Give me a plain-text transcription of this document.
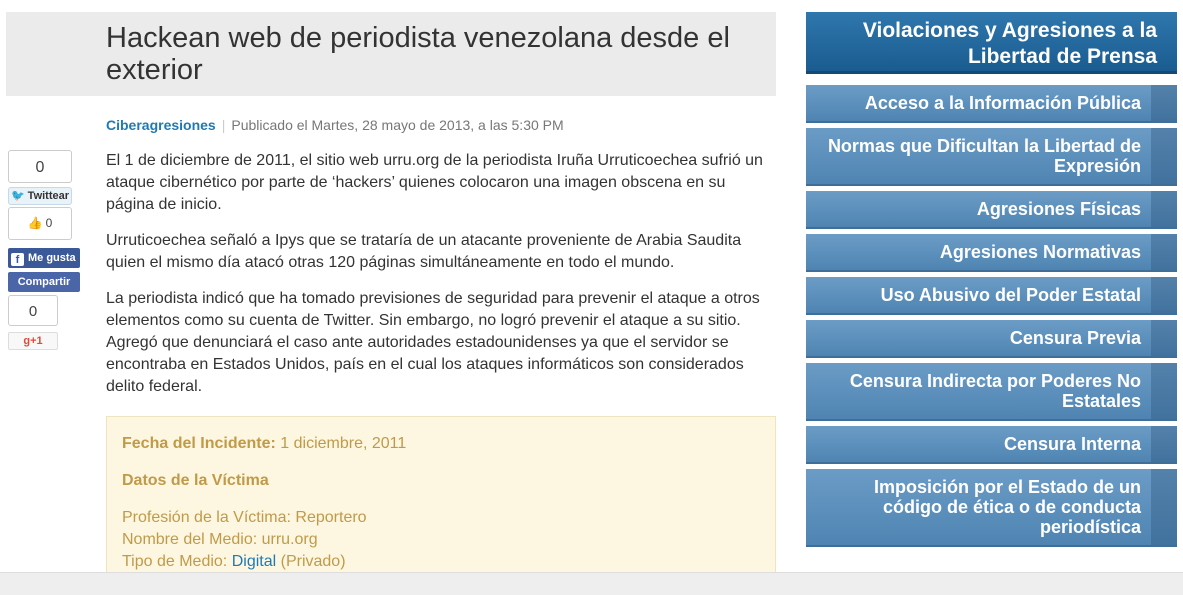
Hackean web de periodista venezolana desde el exterior
Ciberagresiones | Publicado el Martes, 28 mayo de 2013, a las 5:30 PM
0
🐦 Twittear
👍 0
f Me gusta
Compartir
0
g+1

El 1 de diciembre de 2011, el sitio web urru.org de la periodista Iruña Urruticoechea sufrió un ataque cibernético por parte de ‘hackers’ quienes colocaron una imagen obscena en su página de inicio.

Urruticoechea señaló a Ipys que se trataría de un atacante proveniente de Arabia Saudita quien el mismo día atacó otras 120 páginas simultáneamente en todo el mundo.

La periodista indicó que ha tomado previsiones de seguridad para prevenir el ataque a otros elementos como su cuenta de Twitter. Sin embargo, no logró prevenir el ataque a su sitio. Agregó que denunciará el caso ante autoridades estadounidenses ya que el servidor se encontraba en Estados Unidos, país en el cual los ataques informáticos son considerados delito federal.

Fecha del Incidente: 1 diciembre, 2011
Datos de la Víctima
Profesión de la Víctima: Reportero
Nombre del Medio: urru.org
Tipo de Medio: Digital (Privado)
Violaciones y Agresiones a la Libertad de Prensa
Acceso a la Información Pública
Normas que Dificultan la Libertad de Expresión
Agresiones Físicas
Agresiones Normativas
Uso Abusivo del Poder Estatal
Censura Previa
Censura Indirecta por Poderes No Estatales
Censura Interna
Imposición por el Estado de un código de ética o de conducta periodística
